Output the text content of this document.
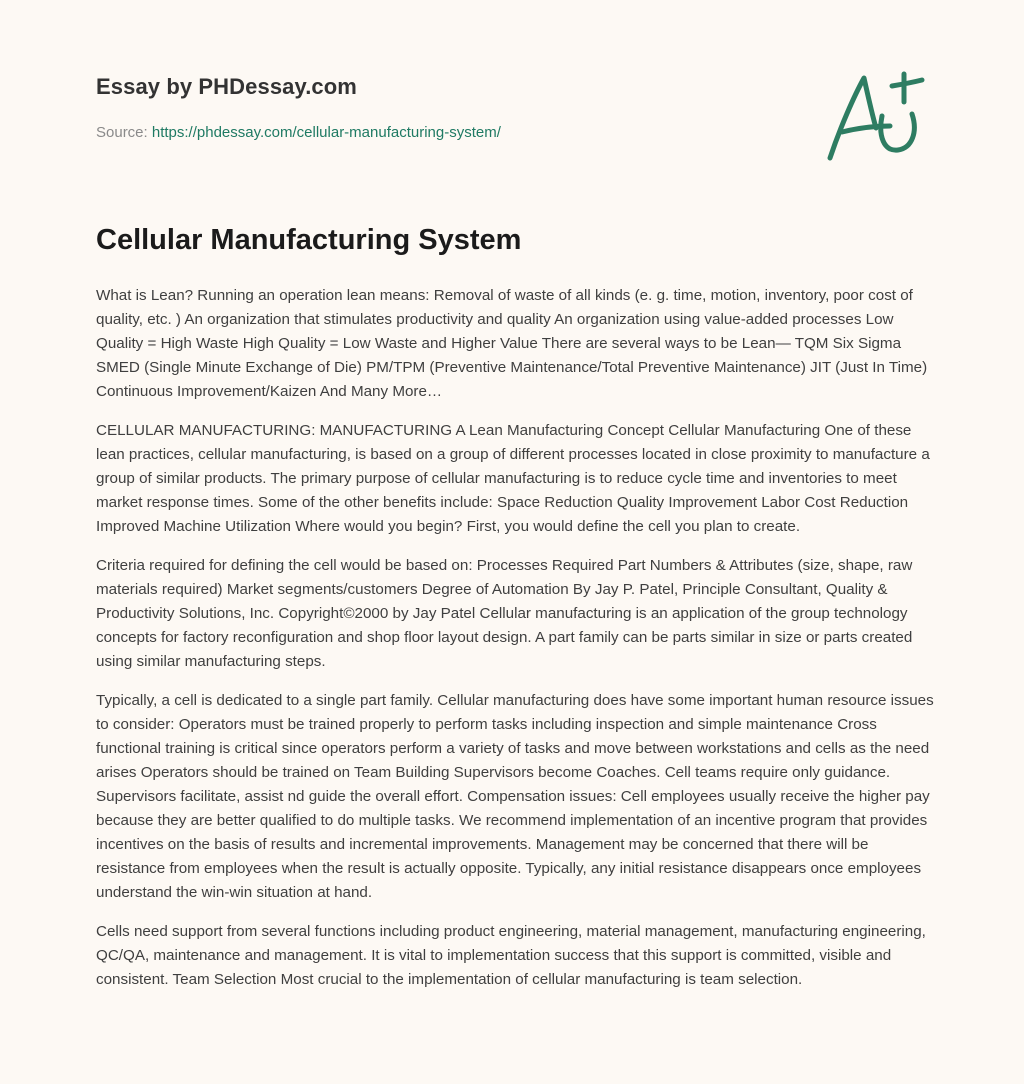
Essay by PHDessay.com
Source: https://phdessay.com/cellular-manufacturing-system/
Cellular Manufacturing System

What is Lean? Running an operation lean means: Removal of waste of all kinds (e. g. time, motion, inventory, poor cost of quality, etc. ) An organization that stimulates productivity and quality An organization using value-added processes Low Quality = High Waste High Quality = Low Waste and Higher Value There are several ways to be Lean— TQM Six Sigma SMED (Single Minute Exchange of Die) PM/TPM (Preventive Maintenance/Total Preventive Maintenance) JIT (Just In Time) Continuous Improvement/Kaizen And Many More…

CELLULAR MANUFACTURING: MANUFACTURING A Lean Manufacturing Concept Cellular Manufacturing One of these lean practices, cellular manufacturing, is based on a group of different processes located in close proximity to manufacture a group of similar products. The primary purpose of cellular manufacturing is to reduce cycle time and inventories to meet market response times. Some of the other benefits include: Space Reduction Quality Improvement Labor Cost Reduction Improved Machine Utilization Where would you begin? First, you would define the cell you plan to create.

Criteria required for defining the cell would be based on: Processes Required Part Numbers & Attributes (size, shape, raw materials required) Market segments/customers Degree of Automation By Jay P. Patel, Principle Consultant, Quality & Productivity Solutions, Inc. Copyright©2000 by Jay Patel Cellular manufacturing is an application of the group technology concepts for factory reconfiguration and shop floor layout design. A part family can be parts similar in size or parts created using similar manufacturing steps.

Typically, a cell is dedicated to a single part family. Cellular manufacturing does have some important human resource issues to consider: Operators must be trained properly to perform tasks including inspection and simple maintenance Cross functional training is critical since operators perform a variety of tasks and move between workstations and cells as the need arises Operators should be trained on Team Building Supervisors become Coaches. Cell teams require only guidance. Supervisors facilitate, assist nd guide the overall effort. Compensation issues: Cell employees usually receive the higher pay because they are better qualified to do multiple tasks. We recommend implementation of an incentive program that provides incentives on the basis of results and incremental improvements. Management may be concerned that there will be resistance from employees when the result is actually opposite. Typically, any initial resistance disappears once employees understand the win-win situation at hand.

Cells need support from several functions including product engineering, material management, manufacturing engineering, QC/QA, maintenance and management. It is vital to implementation success that this support is committed, visible and consistent. Team Selection Most crucial to the implementation of cellular manufacturing is team selection.
